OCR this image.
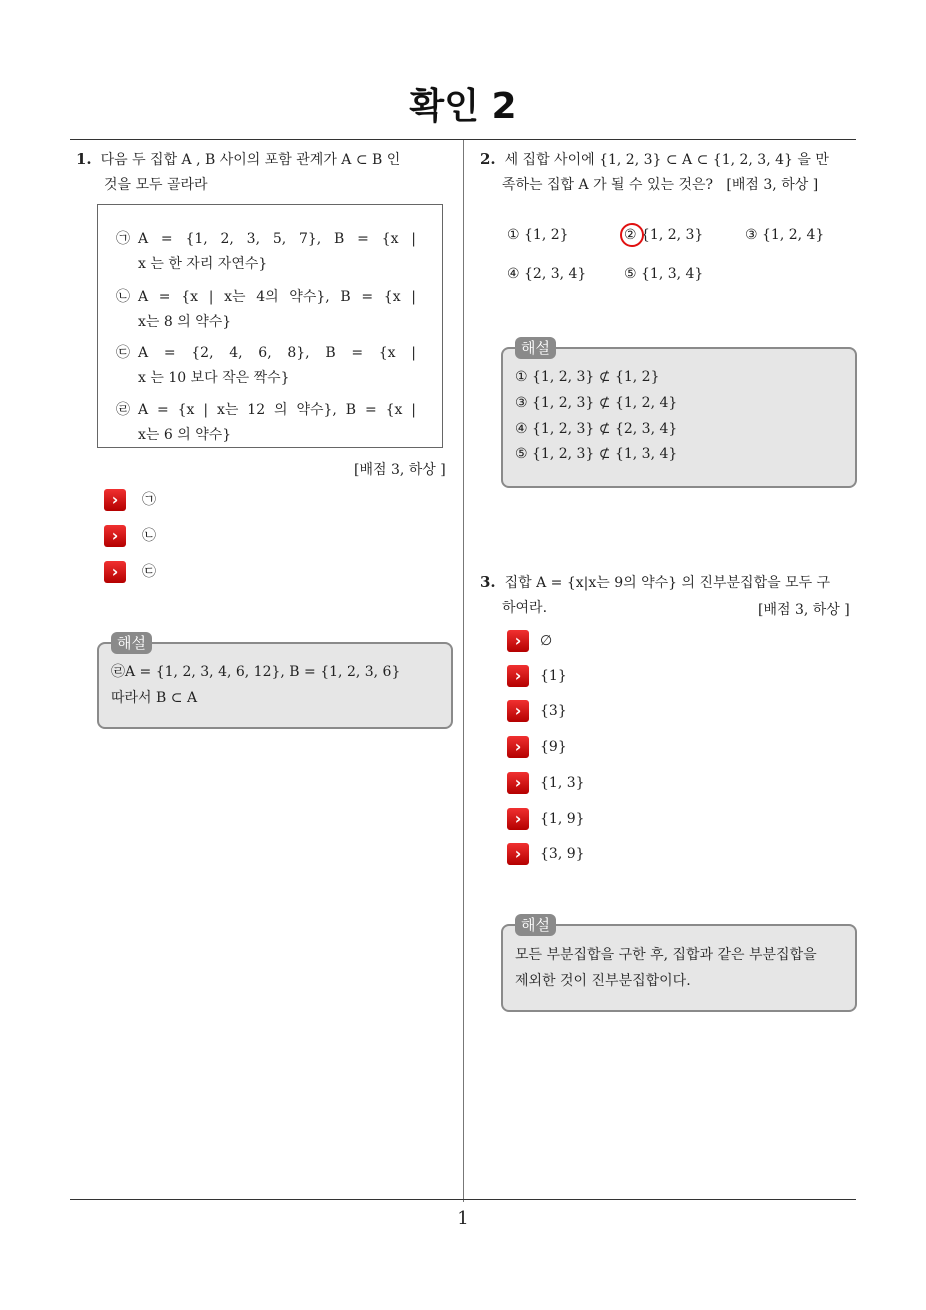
확인 2
1
1. 다음 두 집합 A , B 사이의 포함 관계가 A ⊂ B 인
것을 모두 골라라
㉠ A = {1, 2, 3, 5, 7}, B = {x |
x 는 한 자리 자연수}
㉡ A = {x | x는 4의 약수}, B = {x |
x는 8 의 약수}
㉢ A = {2, 4, 6, 8}, B = {x |
x 는 10 보다 작은 짝수}
㉣ A = {x | x는 12 의 약수}, B = {x |
x는 6 의 약수}
[배점 3, 하상 ]
›	㉠
›	㉡
›	㉢
해설
㉣A = {1, 2, 3, 4, 6, 12}, B = {1, 2, 3, 6}
따라서 B ⊂ A
2. 세 집합 사이에 {1, 2, 3} ⊂ A ⊂ {1, 2, 3, 4} 을 만
족하는 집합 A 가 될 수 있는 것은? [배점 3, 하상 ]
① {1, 2}	② {1, 2, 3}	③ {1, 2, 4}
④ {2, 3, 4}	⑤ {1, 3, 4}
해설
① {1, 2, 3} ⊄ {1, 2}
③ {1, 2, 3} ⊄ {1, 2, 4}
④ {1, 2, 3} ⊄ {2, 3, 4}
⑤ {1, 2, 3} ⊄ {1, 3, 4}
3. 집합 A = {x|x는 9의 약수} 의 진부분집합을 모두 구
하여라.	[배점 3, 하상 ]
›	∅
›	{1}
›	{3}
›	{9}
›	{1, 3}
›	{1, 9}
›	{3, 9}
해설
모든 부분집합을 구한 후, 집합과 같은 부분집합을
제외한 것이 진부분집합이다.
